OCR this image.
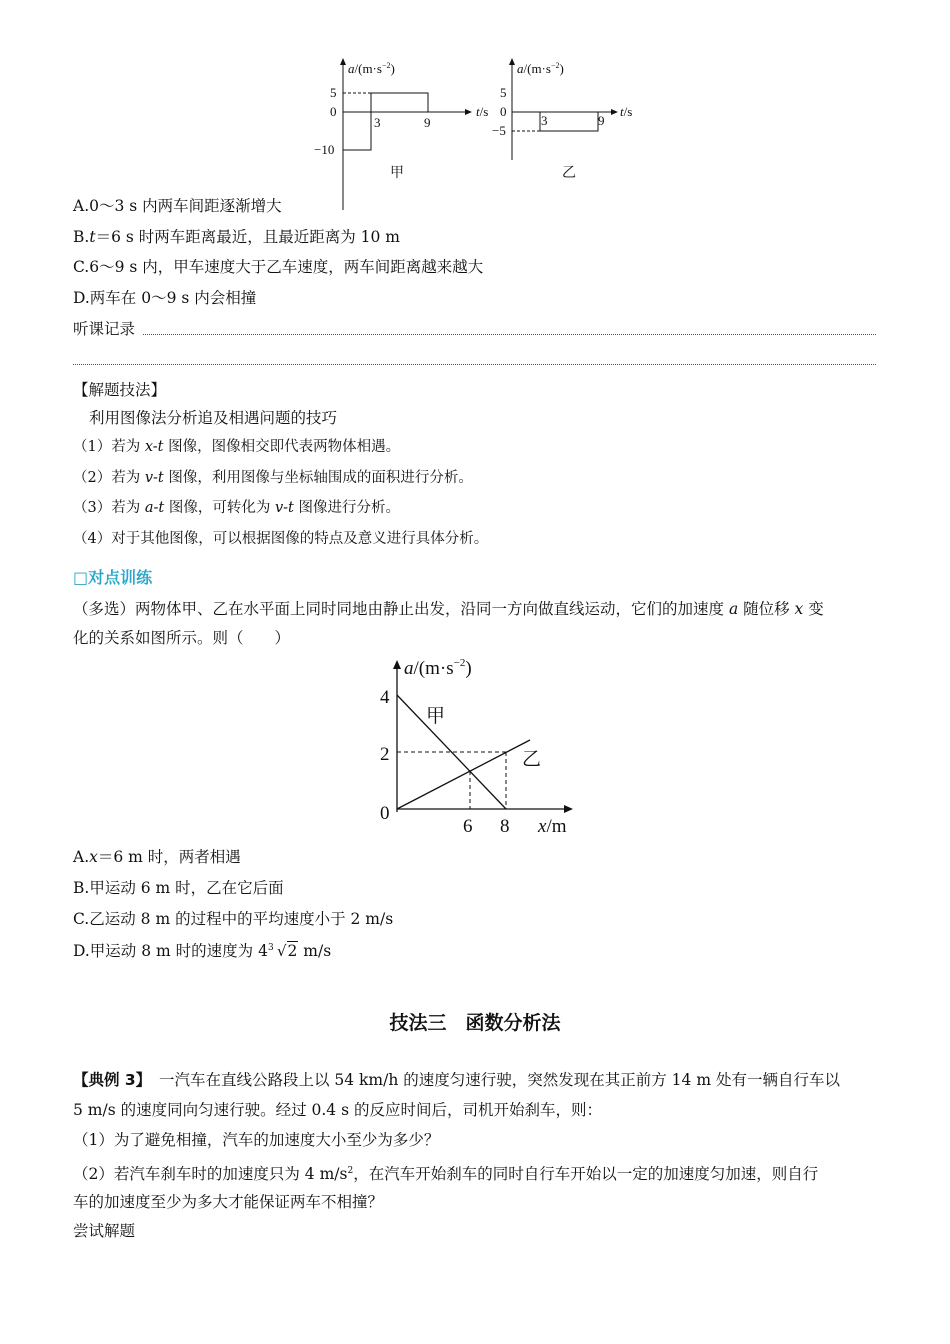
$a/(m\cdot s^{-2})$
t/s
5
0
−10
3	9
甲
$a/(m\cdot s^{-2})$
t/s
5
0
−5
3	9
乙
A.0～3 s 内两车间距逐渐增大
B.t＝6 s 时两车距离最近，且最近距离为 10 m
C.6～9 s 内，甲车速度大于乙车速度，两车间距离越来越大
D.两车在 0～9 s 内会相撞
听课记录
【解题技法】
利用图像法分析追及相遇问题的技巧
（1）若为 x-t 图像，图像相交即代表两物体相遇。
（2）若为 v-t 图像，利用图像与坐标轴围成的面积进行分析。
（3）若为 a-t 图像，可转化为 v-t 图像进行分析。
（4）对于其他图像，可以根据图像的特点及意义进行具体分析。
□对点训练
（多选）两物体甲、乙在水平面上同时同地由静止出发，沿同一方向做直线运动，它们的加速度 a 随位移 x 变
化的关系如图所示。则（　　）
$a/(m\cdot s^{-2})$
x/m
4
2
0
6 8
甲
乙
A.x＝6 m 时，两者相遇
B.甲运动 6 m 时，乙在它后面
C.乙运动 8 m 的过程中的平均速度小于 2 m/s
D.甲运动 8 m 时的速度为 4 3 √2 m/s
技法三　函数分析法
【典例 3】　一汽车在直线公路段上以 54 km/h 的速度匀速行驶，突然发现在其正前方 14 m 处有一辆自行车以
5 m/s 的速度同向匀速行驶。经过 0.4 s 的反应时间后，司机开始刹车，则：
（1）为了避免相撞，汽车的加速度大小至少为多少？
（2）若汽车刹车时的加速度只为 4 $m/s^2$，在汽车开始刹车的同时自行车开始以一定的加速度匀加速，则自行
车的加速度至少为多大才能保证两车不相撞？
尝试解题
